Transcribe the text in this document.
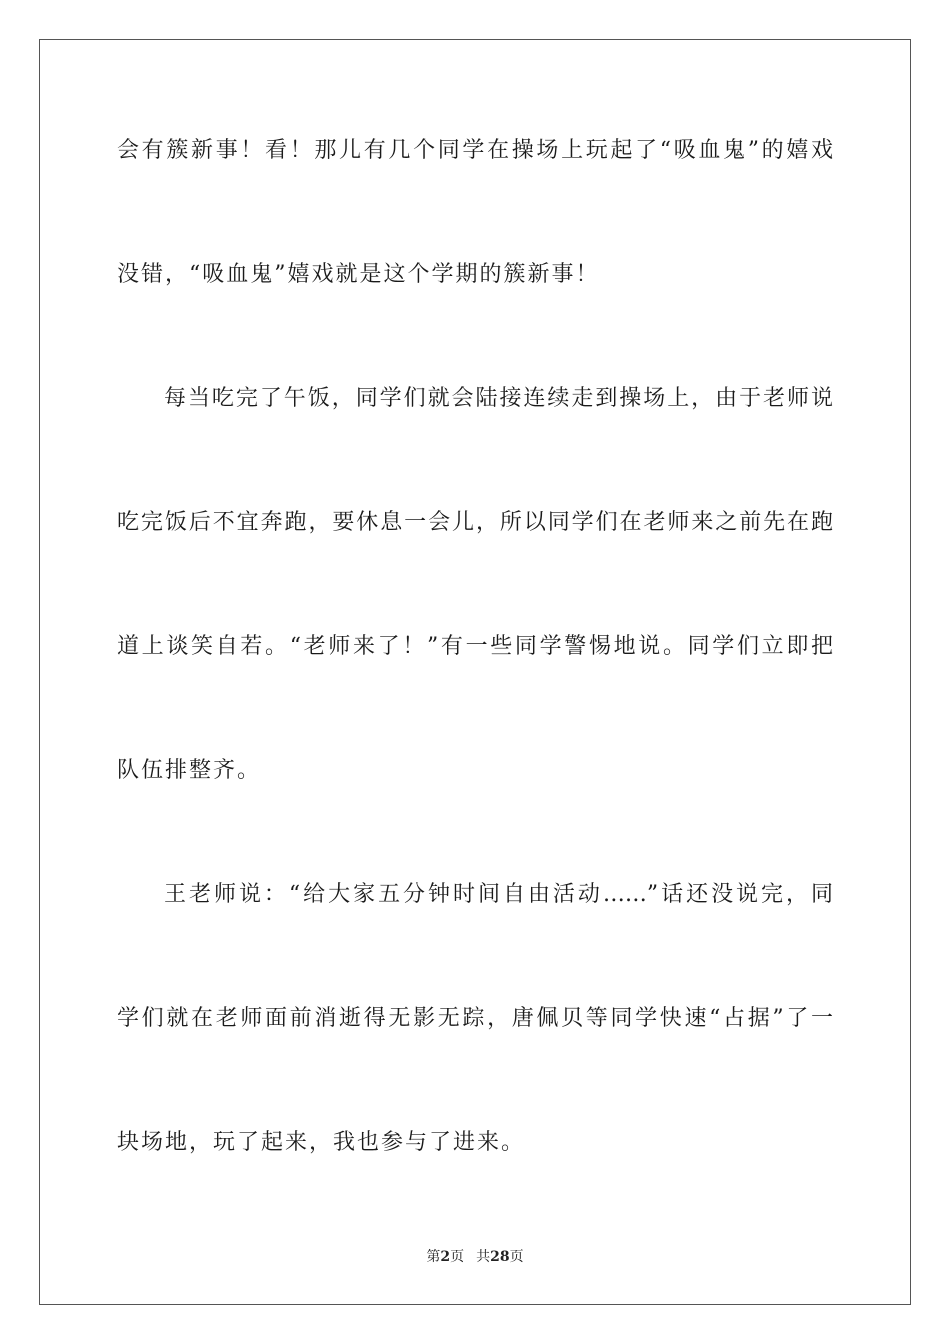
会有簇新事！看！那儿有几个同学在操场上玩起了“吸血鬼”的嬉戏
没错，“吸血鬼”嬉戏就是这个学期的簇新事！
每当吃完了午饭，同学们就会陆接连续走到操场上，由于老师说
吃完饭后不宜奔跑，要休息一会儿，所以同学们在老师来之前先在跑
道上谈笑自若。“老师来了！”有一些同学警惕地说。同学们立即把
队伍排整齐。
王老师说：“给大家五分钟时间自由活动……”话还没说完，同
学们就在老师面前消逝得无影无踪，唐佩贝等同学快速“占据”了一
块场地，玩了起来，我也参与了进来。
第2页 共28页
